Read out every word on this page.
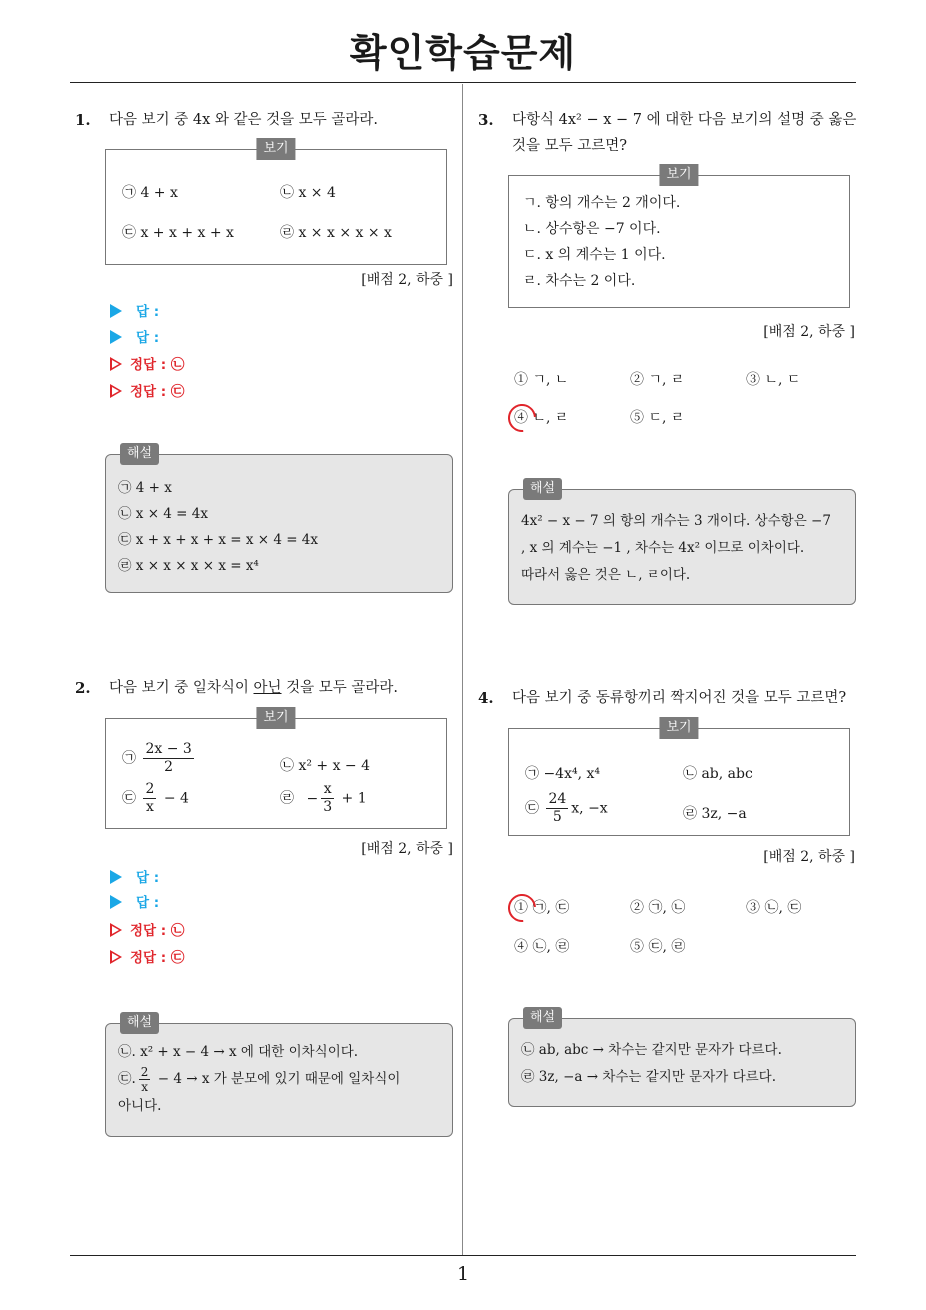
확인학습문제
1
1. 다음 보기 중 4x 와 같은 것을 모두 골라라.
보기
㉠ 4 + x	㉡ x × 4
㉢ x + x + x + x	㉣ x × x × x × x
[배점 2, 하중 ]
답 :
답 :
정답 : ㉡
정답 : ㉢
해설
㉠ 4 + x
㉡ x × 4 = 4x
㉢ x + x + x + x = x × 4 = 4x
㉣ x × x × x × x = x⁴
2. 다음 보기 중 일차식이 아닌 것을 모두 골라라.
보기
㉠ $\frac{2x - 3}{2}$	㉡ x² + x − 4
㉢ $\frac{2}{x} - 4$	㉣ − $\frac{x}{3} + 1$
[배점 2, 하중 ]
답 :
답 :
정답 : ㉡
정답 : ㉢
해설
㉡. x² + x − 4 → x 에 대한 이차식이다.
㉢. $\frac{2}{x} - 4 \to x$ 가 분모에 있기 때문에 일차식이
아니다.
3. 다항식 4x² − x − 7 에 대한 다음 보기의 설명 중 옳은
것을 모두 고르면?
보기
ㄱ. 항의 개수는 2 개이다.
ㄴ. 상수항은 −7 이다.
ㄷ. x 의 계수는 1 이다.
ㄹ. 차수는 2 이다.
[배점 2, 하중 ]
① ㄱ, ㄴ	② ㄱ, ㄹ	③ ㄴ, ㄷ
④ ㄴ, ㄹ	⑤ ㄷ, ㄹ
해설
4x² − x − 7 의 항의 개수는 3 개이다. 상수항은 −7
, x 의 계수는 −1 , 차수는 4x² 이므로 이차이다.
따라서 옳은 것은 ㄴ, ㄹ이다.
4. 다음 보기 중 동류항끼리 짝지어진 것을 모두 고르면?
보기
㉠ −4x⁴, x⁴	㉡ ab, abc
㉢ $\frac{24}{5} x$, −x	㉣ 3z, −a
[배점 2, 하중 ]
① ㉠, ㉢	② ㉠, ㉡	③ ㉡, ㉢
④ ㉡, ㉣	⑤ ㉢, ㉣
해설
㉡ ab, abc → 차수는 같지만 문자가 다르다.
㉣ 3z, −a → 차수는 같지만 문자가 다르다.
